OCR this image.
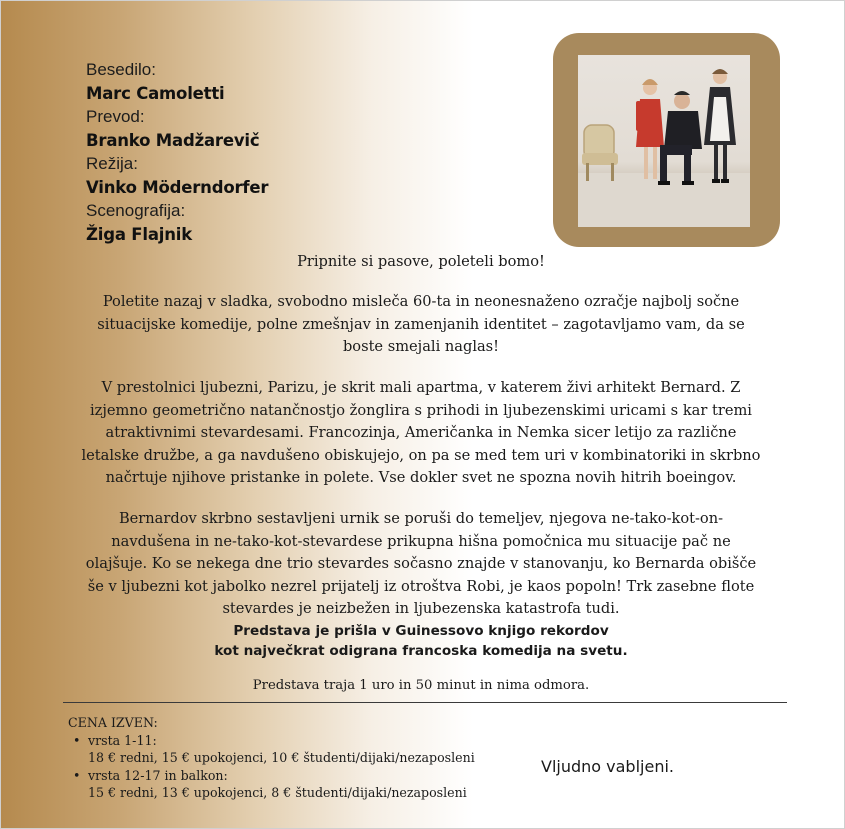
Besedilo:
Marc Camoletti
Prevod:
Branko Madžarevič
Režija:
Vinko Möderndorfer
Scenografija:
Žiga Flajnik

Pripnite si pasove, poleteli bomo!

Poletite nazaj v sladka, svobodno misleča 60-ta in neonesnaženo ozračje najbolj sočne

situacijske komedije, polne zmešnjav in zamenjanih identitet – zagotavljamo vam, da se

boste smejali naglas!

V prestolnici ljubezni, Parizu, je skrit mali apartma, v katerem živi arhitekt Bernard. Z

izjemno geometrično natančnostjo žonglira s prihodi in ljubezenskimi uricami s kar tremi

atraktivnimi stevardesami. Francozinja, Američanka in Nemka sicer letijo za različne

letalske družbe, a ga navdušeno obiskujejo, on pa se med tem uri v kombinatoriki in skrbno

načrtuje njihove pristanke in polete. Vse dokler svet ne spozna novih hitrih boeingov.

Bernardov skrbno sestavljeni urnik se poruši do temeljev, njegova ne-tako-kot-on-

navdušena in ne-tako-kot-stevardese prikupna hišna pomočnica mu situacije pač ne

olajšuje. Ko se nekega dne trio stevardes sočasno znajde v stanovanju, ko Bernarda obišče

še v ljubezni kot jabolko nezrel prijatelj iz otroštva Robi, je kaos popoln! Trk zasebne flote

stevardes je neizbežen in ljubezenska katastrofa tudi.

Predstava je prišla v Guinessovo knjigo rekordov

kot največkrat odigrana francoska komedija na svetu.

Predstava traja 1 uro in 50 minut in nima odmora.

CENA IZVEN:
• vrsta 1-11:
18 € redni, 15 € upokojenci, 10 € študenti/dijaki/nezaposleni
• vrsta 12-17 in balkon:
15 € redni, 13 € upokojenci, 8 € študenti/dijaki/nezaposleni
Vljudno vabljeni.
